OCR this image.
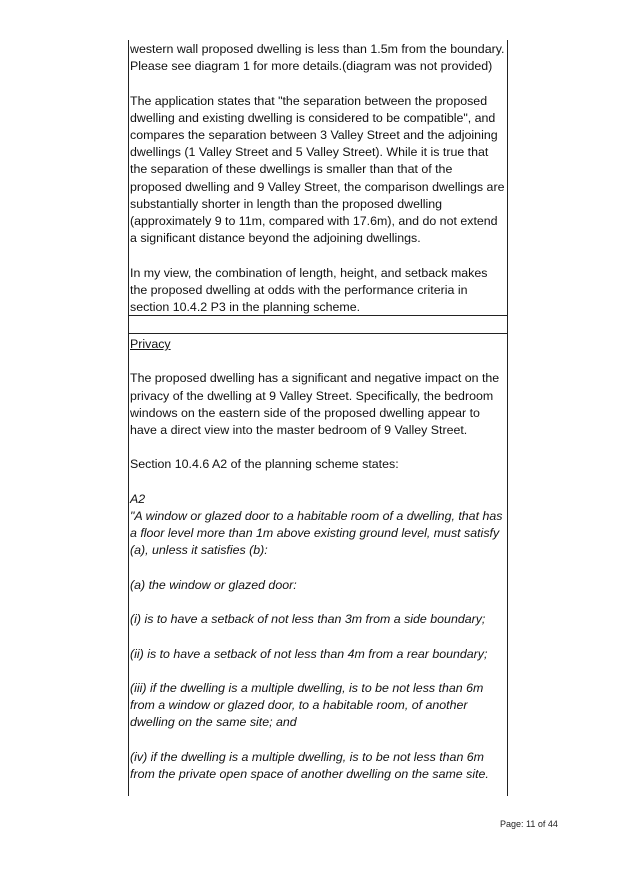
western wall proposed dwelling is less than 1.5m from the boundary. Please see diagram 1 for more details.(diagram was not provided)

The application states that "the separation between the proposed dwelling and existing dwelling is considered to be compatible", and compares the separation between 3 Valley Street and the adjoining dwellings (1 Valley Street and 5 Valley Street). While it is true that the separation of these dwellings is smaller than that of the proposed dwelling and 9 Valley Street, the comparison dwellings are substantially shorter in length than the proposed dwelling (approximately 9 to 11m, compared with 17.6m), and do not extend a significant distance beyond the adjoining dwellings.

In my view, the combination of length, height, and setback makes the proposed dwelling at odds with the performance criteria in section 10.4.2 P3 in the planning scheme.

Privacy

The proposed dwelling has a significant and negative impact on the privacy of the dwelling at 9 Valley Street. Specifically, the bedroom windows on the eastern side of the proposed dwelling appear to have a direct view into the master bedroom of 9 Valley Street.

Section 10.4.6 A2 of the planning scheme states:

A2

"A window or glazed door to a habitable room of a dwelling, that has a floor level more than 1m above existing ground level, must satisfy (a), unless it satisfies (b):

(a) the window or glazed door:

(i) is to have a setback of not less than 3m from a side boundary;

(ii) is to have a setback of not less than 4m from a rear boundary;

(iii) if the dwelling is a multiple dwelling, is to be not less than 6m from a window or glazed door, to a habitable room, of another dwelling on the same site; and

(iv) if the dwelling is a multiple dwelling, is to be not less than 6m from the private open space of another dwelling on the same site.

Page: 11 of 44
